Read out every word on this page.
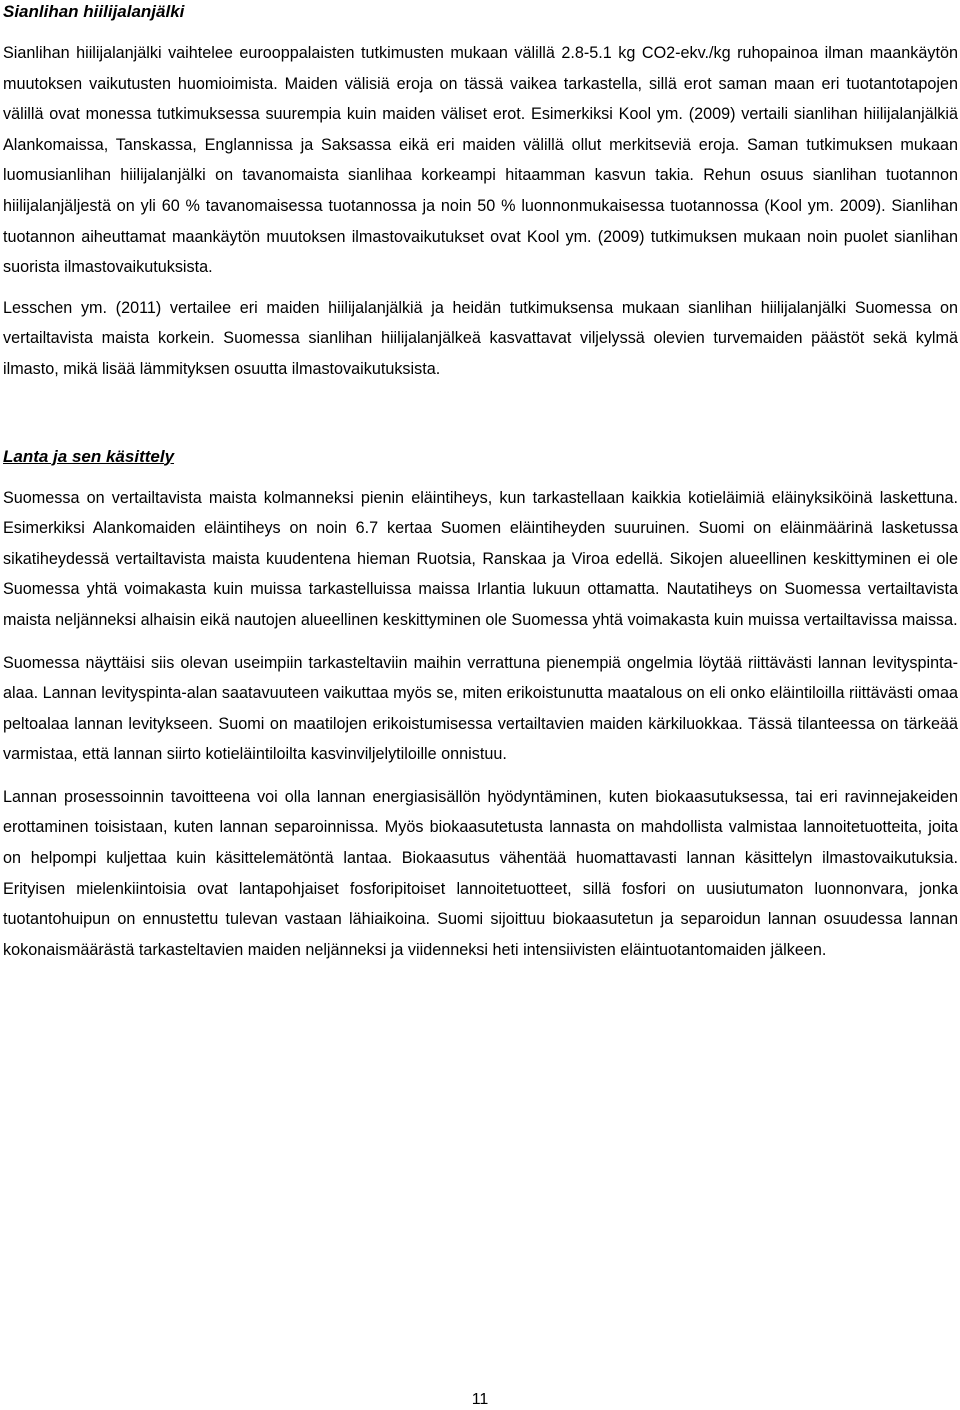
Sianlihan hiilijalanjälki

Sianlihan hiilijalanjälki vaihtelee eurooppalaisten tutkimusten mukaan välillä 2.8-5.1 kg CO2-ekv./kg ruhopainoa ilman maankäytön muutoksen vaikutusten huomioimista. Maiden välisiä eroja on tässä vaikea tarkastella, sillä erot saman maan eri tuotantotapojen välillä ovat monessa tutkimuksessa suurempia kuin maiden väliset erot. Esimerkiksi Kool ym. (2009) vertaili sianlihan hiilijalanjälkiä Alankomaissa, Tanskassa, Englannissa ja Saksassa eikä eri maiden välillä ollut merkitseviä eroja. Saman tutkimuksen mukaan luomusianlihan hiilijalanjälki on tavanomaista sianlihaa korkeampi hitaamman kasvun takia. Rehun osuus sianlihan tuotannon hiilijalanjäljestä on yli 60 % tavanomaisessa tuotannossa ja noin 50 % luonnonmukaisessa tuotannossa (Kool ym. 2009). Sianlihan tuotannon aiheuttamat maankäytön muutoksen ilmastovaikutukset ovat Kool ym. (2009) tutkimuksen mukaan noin puolet sianlihan suorista ilmastovaikutuksista.

Lesschen ym. (2011) vertailee eri maiden hiilijalanjälkiä ja heidän tutkimuksensa mukaan sianlihan hiilijalanjälki Suomessa on vertailtavista maista korkein. Suomessa sianlihan hiilijalanjälkeä kasvattavat viljelyssä olevien turvemaiden päästöt sekä kylmä ilmasto, mikä lisää lämmityksen osuutta ilmastovaikutuksista.

Lanta ja sen käsittely

Suomessa on vertailtavista maista kolmanneksi pienin eläintiheys, kun tarkastellaan kaikkia kotieläimiä eläinyksiköinä laskettuna. Esimerkiksi Alankomaiden eläintiheys on noin 6.7 kertaa Suomen eläintiheyden suuruinen. Suomi on eläinmäärinä lasketussa sikatiheydessä vertailtavista maista kuudentena hieman Ruotsia, Ranskaa ja Viroa edellä. Sikojen alueellinen keskittyminen ei ole Suomessa yhtä voimakasta kuin muissa tarkastelluissa maissa Irlantia lukuun ottamatta. Nautatiheys on Suomessa vertailtavista maista neljänneksi alhaisin eikä nautojen alueellinen keskittyminen ole Suomessa yhtä voimakasta kuin muissa vertailtavissa maissa.

Suomessa näyttäisi siis olevan useimpiin tarkasteltaviin maihin verrattuna pienempiä ongelmia löytää riittävästi lannan levityspinta-alaa. Lannan levityspinta-alan saatavuuteen vaikuttaa myös se, miten erikoistunutta maatalous on eli onko eläintiloilla riittävästi omaa peltoalaa lannan levitykseen. Suomi on maatilojen erikoistumisessa vertailtavien maiden kärkiluokkaa. Tässä tilanteessa on tärkeää varmistaa, että lannan siirto kotieläintiloilta kasvinviljelytiloille onnistuu.

Lannan prosessoinnin tavoitteena voi olla lannan energiasisällön hyödyntäminen, kuten biokaasutuksessa, tai eri ravinnejakeiden erottaminen toisistaan, kuten lannan separoinnissa. Myös biokaasutetusta lannasta on mahdollista valmistaa lannoitetuotteita, joita on helpompi kuljettaa kuin käsittelemätöntä lantaa. Biokaasutus vähentää huomattavasti lannan käsittelyn ilmastovaikutuksia. Erityisen mielenkiintoisia ovat lantapohjaiset fosforipitoiset lannoitetuotteet, sillä fosfori on uusiutumaton luonnonvara, jonka tuotantohuipun on ennustettu tulevan vastaan lähiaikoina. Suomi sijoittuu biokaasutetun ja separoidun lannan osuudessa lannan kokonaismäärästä tarkasteltavien maiden neljänneksi ja viidenneksi heti intensiivisten eläintuotantomaiden jälkeen.

11
